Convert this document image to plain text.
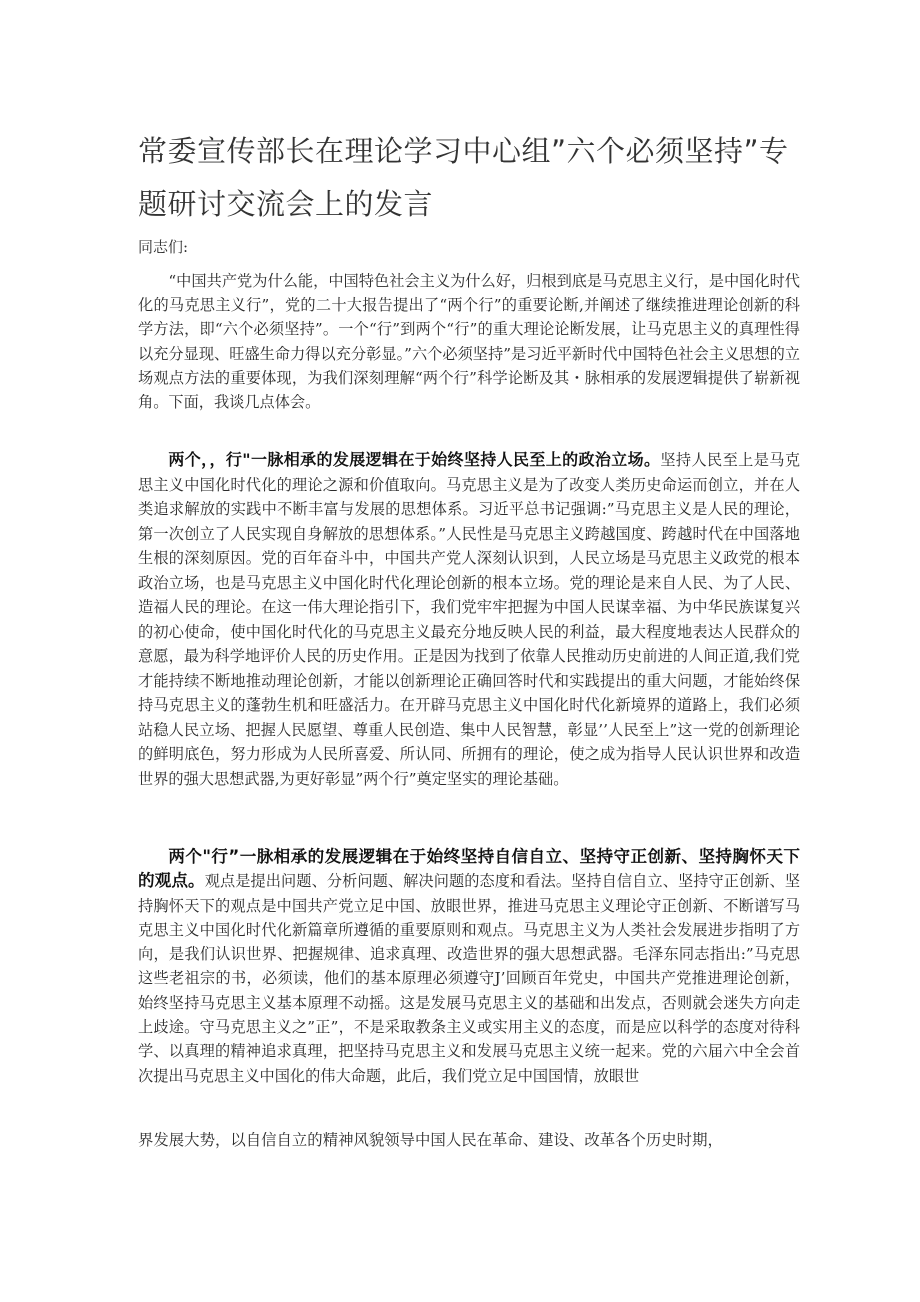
常委宣传部长在理论学习中心组”六个必须坚持”专题研讨交流会上的发言

同志们:

“中国共产党为什么能，中国特色社会主义为什么好，归根到底是马克思主义行，是中国化时代化的马克思主义行”，党的二十大报告提出了“两个行”的重要论断,并阐述了继续推进理论创新的科学方法，即“六个必须坚持”。一个“行”到两个“行”的重大理论论断发展，让马克思主义的真理性得以充分显现、旺盛生命力得以充分彰显。”六个必须坚持”是习近平新时代中国特色社会主义思想的立场观点方法的重要体现，为我们深刻理解“两个行”科学论断及其・脉相承的发展逻辑提供了崭新视角。下面，我谈几点体会。

两个，，行"一脉相承的发展逻辑在于始终坚持人民至上的政治立场。坚持人民至上是马克思主义中国化时代化的理论之源和价值取向。马克思主义是为了改变人类历史命运而创立，并在人类追求解放的实践中不断丰富与发展的思想体系。习近平总书记强调:”马克思主义是人民的理论，第一次创立了人民实现自身解放的思想体系。”人民性是马克思主义跨越国度、跨越时代在中国落地生根的深刻原因。党的百年奋斗中，中国共产党人深刻认识到，人民立场是马克思主义政党的根本政治立场，也是马克思主义中国化时代化理论创新的根本立场。党的理论是来自人民、为了人民、造福人民的理论。在这一伟大理论指引下，我们党牢牢把握为中国人民谋幸福、为中华民族谋复兴的初心使命，使中国化时代化的马克思主义最充分地反映人民的利益，最大程度地表达人民群众的意愿，最为科学地评价人民的历史作用。正是因为找到了依靠人民推动历史前进的人间正道,我们党才能持续不断地推动理论创新，才能以创新理论正确回答时代和实践提出的重大问题，才能始终保持马克思主义的蓬勃生机和旺盛活力。在开辟马克思主义中国化时代化新境界的道路上，我们必须站稳人民立场、把握人民愿望、尊重人民创造、集中人民智慧，彰显’’人民至上”这一党的创新理论的鲜明底色，努力形成为人民所喜爱、所认同、所拥有的理论，使之成为指导人民认识世界和改造世界的强大思想武器,为更好彰显”两个行”奠定坚实的理论基础。

两个"行”一脉相承的发展逻辑在于始终坚持自信自立、坚持守正创新、坚持胸怀天下的观点。观点是提出问题、分析问题、解决问题的态度和看法。坚持自信自立、坚持守正创新、坚持胸怀天下的观点是中国共产党立足中国、放眼世界，推进马克思主义理论守正创新、不断谱写马克思主义中国化时代化新篇章所遵循的重要原则和观点。马克思主义为人类社会发展进步指明了方向，是我们认识世界、把握规律、追求真理、改造世界的强大思想武器。毛泽东同志指出:”马克思这些老祖宗的书，必须读，他们的基本原理必须遵守J’回顾百年党史，中国共产党推进理论创新，始终坚持马克思主义基本原理不动摇。这是发展马克思主义的基础和出发点，否则就会迷失方向走上歧途。守马克思主义之”正”，不是采取教条主义或实用主义的态度，而是应以科学的态度对待科学、以真理的精神追求真理，把坚持马克思主义和发展马克思主义统一起来。党的六届六中全会首次提出马克思主义中国化的伟大命题，此后，我们党立足中国国情，放眼世

界发展大势，以自信自立的精神风貌领导中国人民在革命、建设、改革各个历史时期，
